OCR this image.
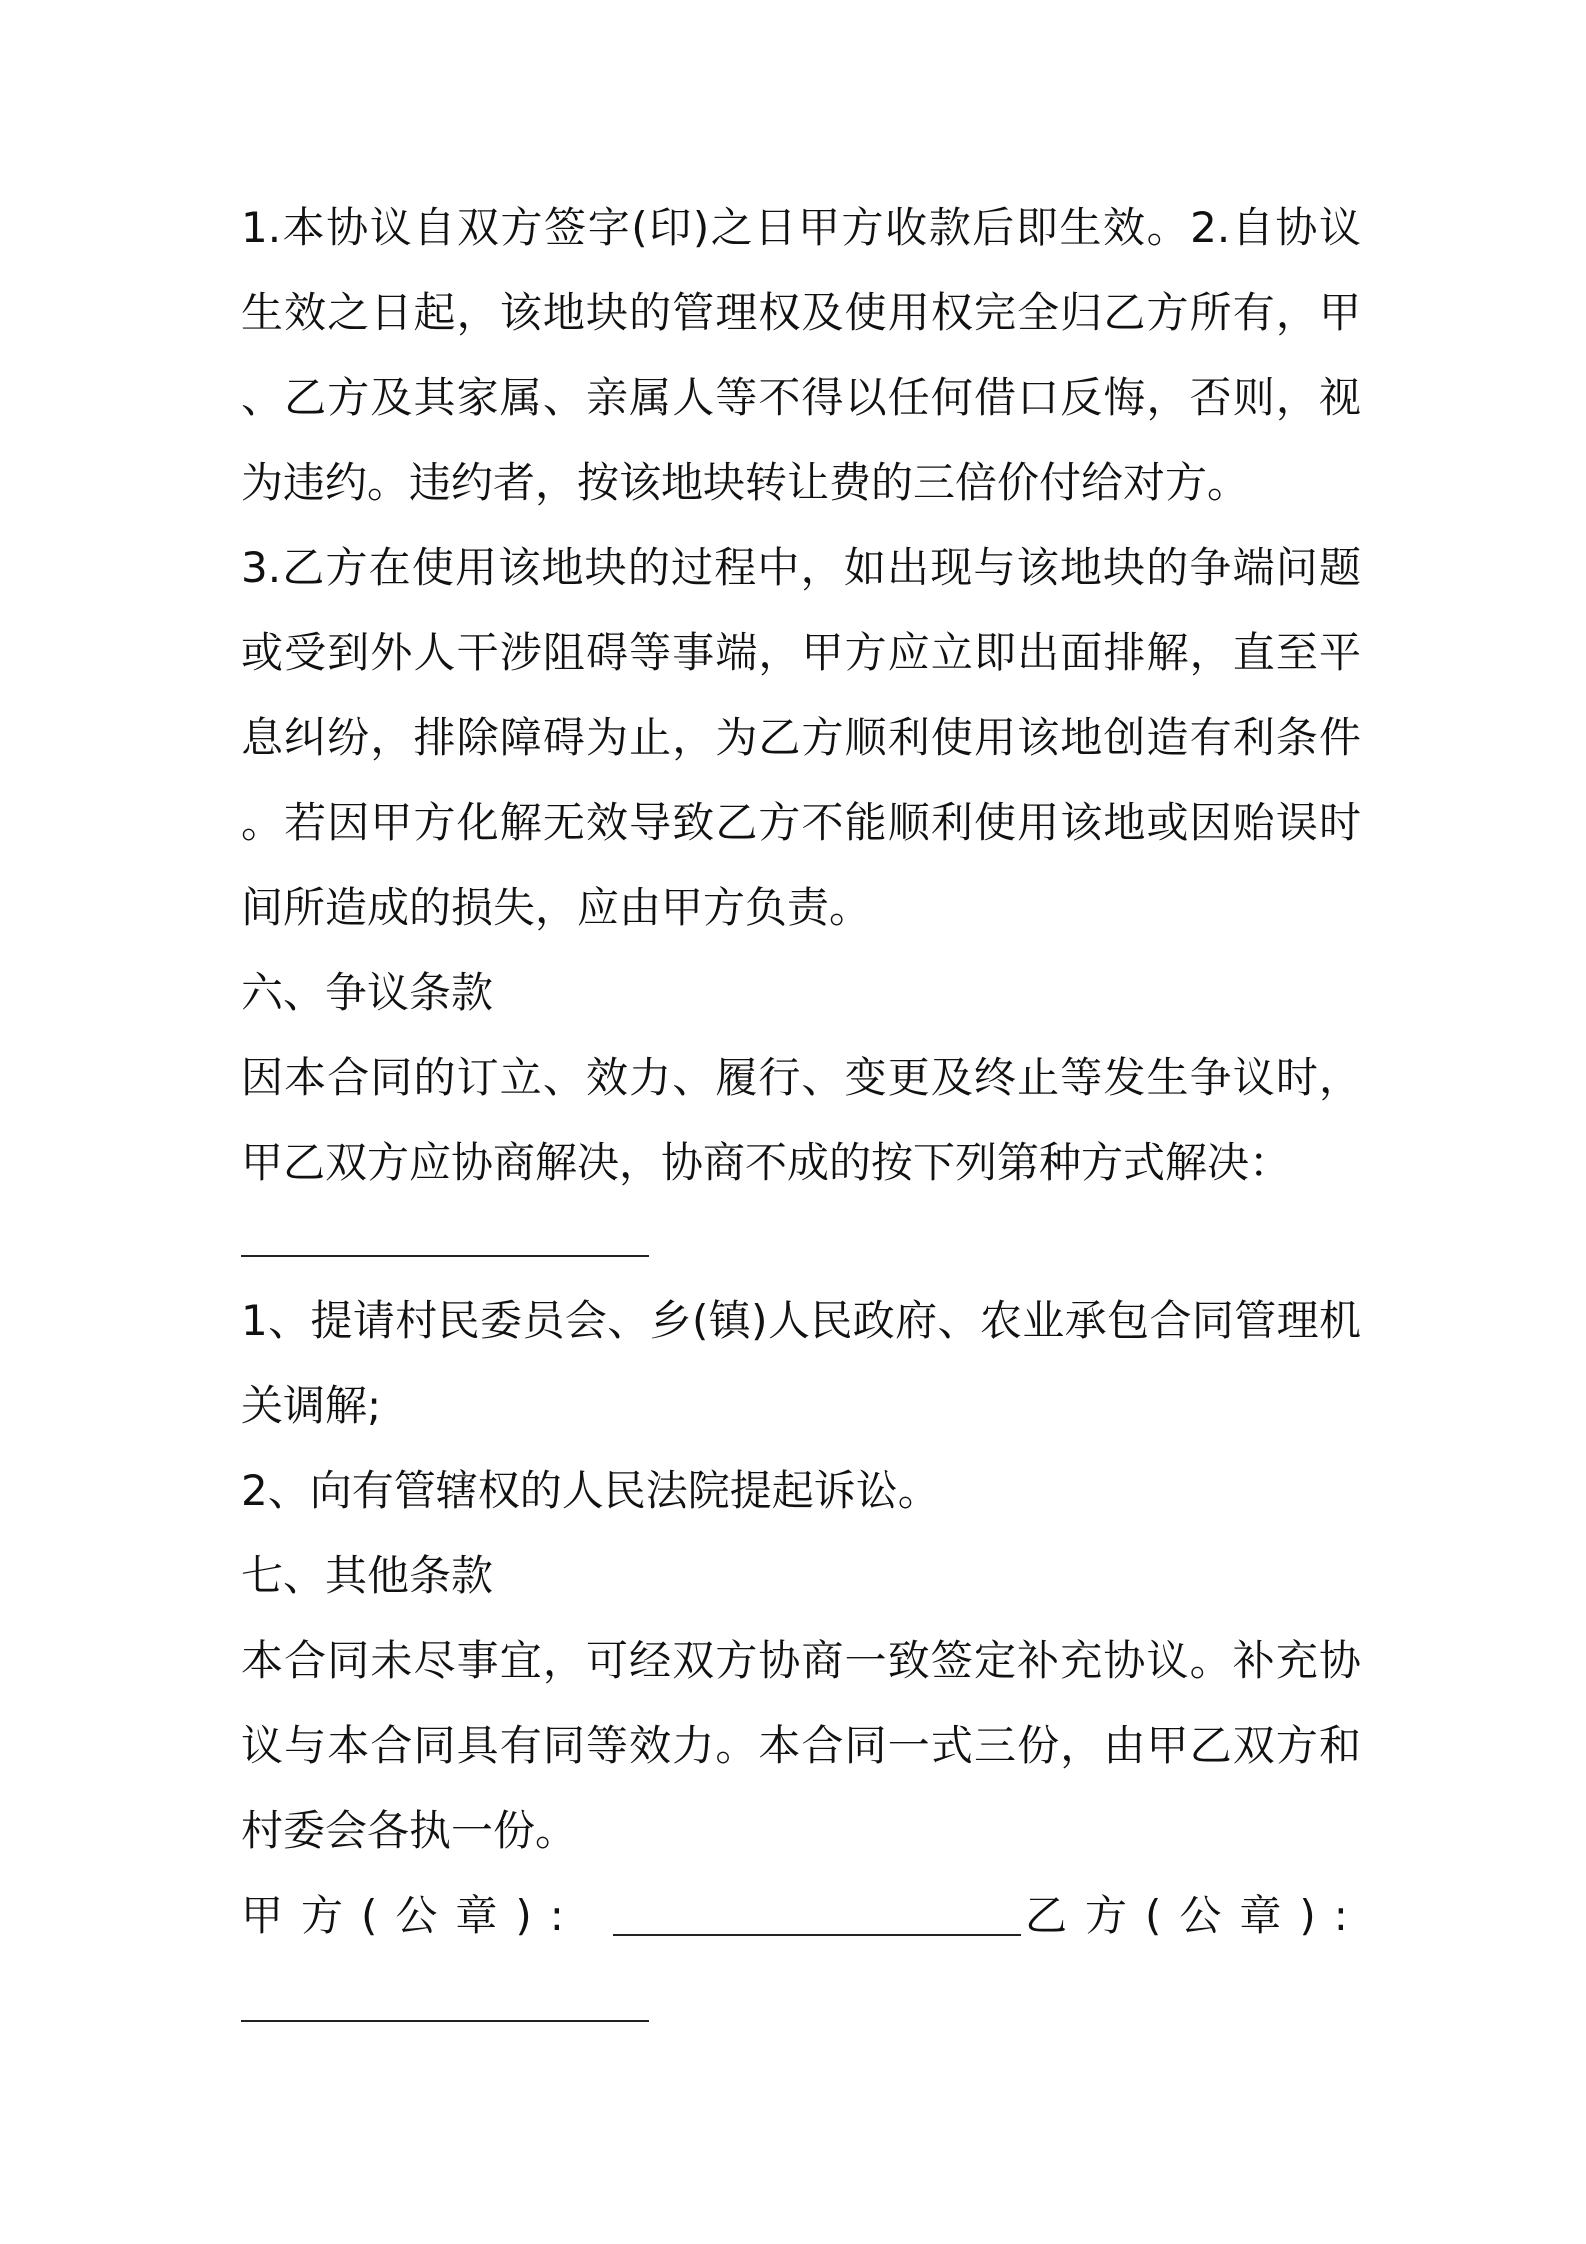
1.本协议自双方签字(印)之日甲方收款后即生效。2.自协议
生效之日起，该地块的管理权及使用权完全归乙方所有，甲
、乙方及其家属、亲属人等不得以任何借口反悔，否则，视
为违约。违约者，按该地块转让费的三倍价付给对方。
3.乙方在使用该地块的过程中，如出现与该地块的争端问题
或受到外人干涉阻碍等事端，甲方应立即出面排解，直至平
息纠纷，排除障碍为止，为乙方顺利使用该地创造有利条件
。若因甲方化解无效导致乙方不能顺利使用该地或因贻误时
间所造成的损失，应由甲方负责。
六、争议条款
因本合同的订立、效力、履行、变更及终止等发生争议时，
甲乙双方应协商解决，协商不成的按下列第种方式解决：
1、提请村民委员会、乡(镇)人民政府、农业承包合同管理机
关调解;
2、向有管辖权的人民法院提起诉讼。
七、其他条款
本合同未尽事宜，可经双方协商一致签定补充协议。补充协
议与本合同具有同等效力。本合同一式三份，由甲乙双方和
村委会各执一份。
甲方(公章):	乙方(公章):
